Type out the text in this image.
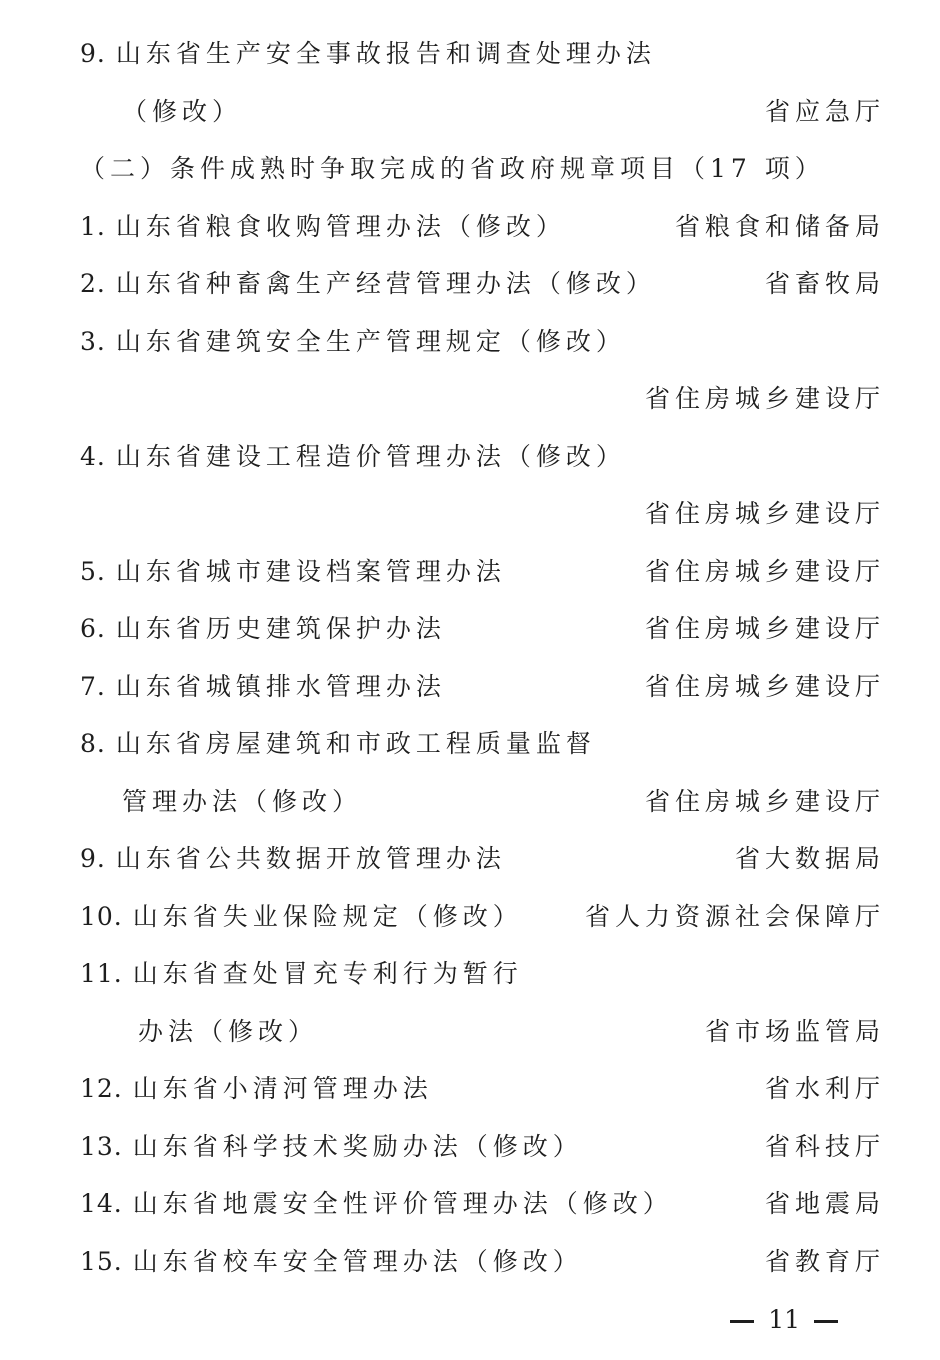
9. 山东省生产安全事故报告和调查处理办法
（修改）	省应急厅
（二）条件成熟时争取完成的省政府规章项目（17 项）
1. 山东省粮食收购管理办法（修改）	省粮食和储备局
2. 山东省种畜禽生产经营管理办法（修改）	省畜牧局
3. 山东省建筑安全生产管理规定（修改）
省住房城乡建设厅
4. 山东省建设工程造价管理办法（修改）
省住房城乡建设厅
5. 山东省城市建设档案管理办法	省住房城乡建设厅
6. 山东省历史建筑保护办法	省住房城乡建设厅
7. 山东省城镇排水管理办法	省住房城乡建设厅
8. 山东省房屋建筑和市政工程质量监督
管理办法（修改）	省住房城乡建设厅
9. 山东省公共数据开放管理办法	省大数据局
10. 山东省失业保险规定（修改） 省人力资源社会保障厅
11. 山东省查处冒充专利行为暂行
办法（修改）	省市场监管局
12. 山东省小清河管理办法	省水利厅
13. 山东省科学技术奖励办法（修改）	省科技厅
14. 山东省地震安全性评价管理办法（修改）	省地震局
15. 山东省校车安全管理办法（修改）	省教育厅
11
